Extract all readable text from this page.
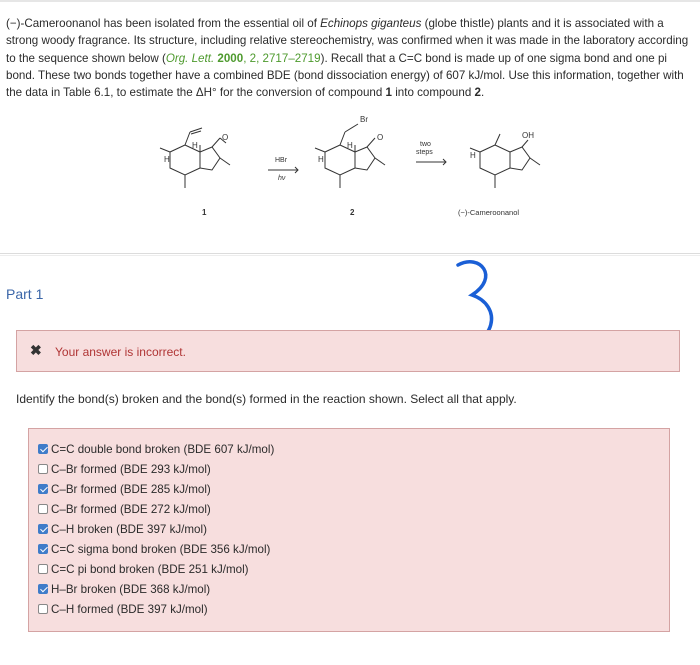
(−)-Cameroonanol has been isolated from the essential oil of Echinops giganteus (globe thistle) plants and it is associated with a strong woody fragrance. Its structure, including relative stereochemistry, was confirmed when it was made in the laboratory according to the sequence shown below (Org. Lett. 2000, 2, 2717–2719). Recall that a C=C bond is made up of one sigma bond and one pi bond. These two bonds together have a combined BDE (bond dissociation energy) of 607 kJ/mol. Use this information, together with the data in Table 6.1, to estimate the ΔH° for the conversion of compound 1 into compound 2.
H
O
H
1
HBr
hν
Br
H
O
H
2
two
steps
OH
H
(−)-Cameroonanol
Part 1
✖ Your answer is incorrect.
Identify the bond(s) broken and the bond(s) formed in the reaction shown. Select all that apply.
C=C double bond broken (BDE 607 kJ/mol)
C–Br formed (BDE 293 kJ/mol)
C–Br formed (BDE 285 kJ/mol)
C–Br formed (BDE 272 kJ/mol)
C–H broken (BDE 397 kJ/mol)
C=C sigma bond broken (BDE 356 kJ/mol)
C=C pi bond broken (BDE 251 kJ/mol)
H–Br broken (BDE 368 kJ/mol)
C–H formed (BDE 397 kJ/mol)
